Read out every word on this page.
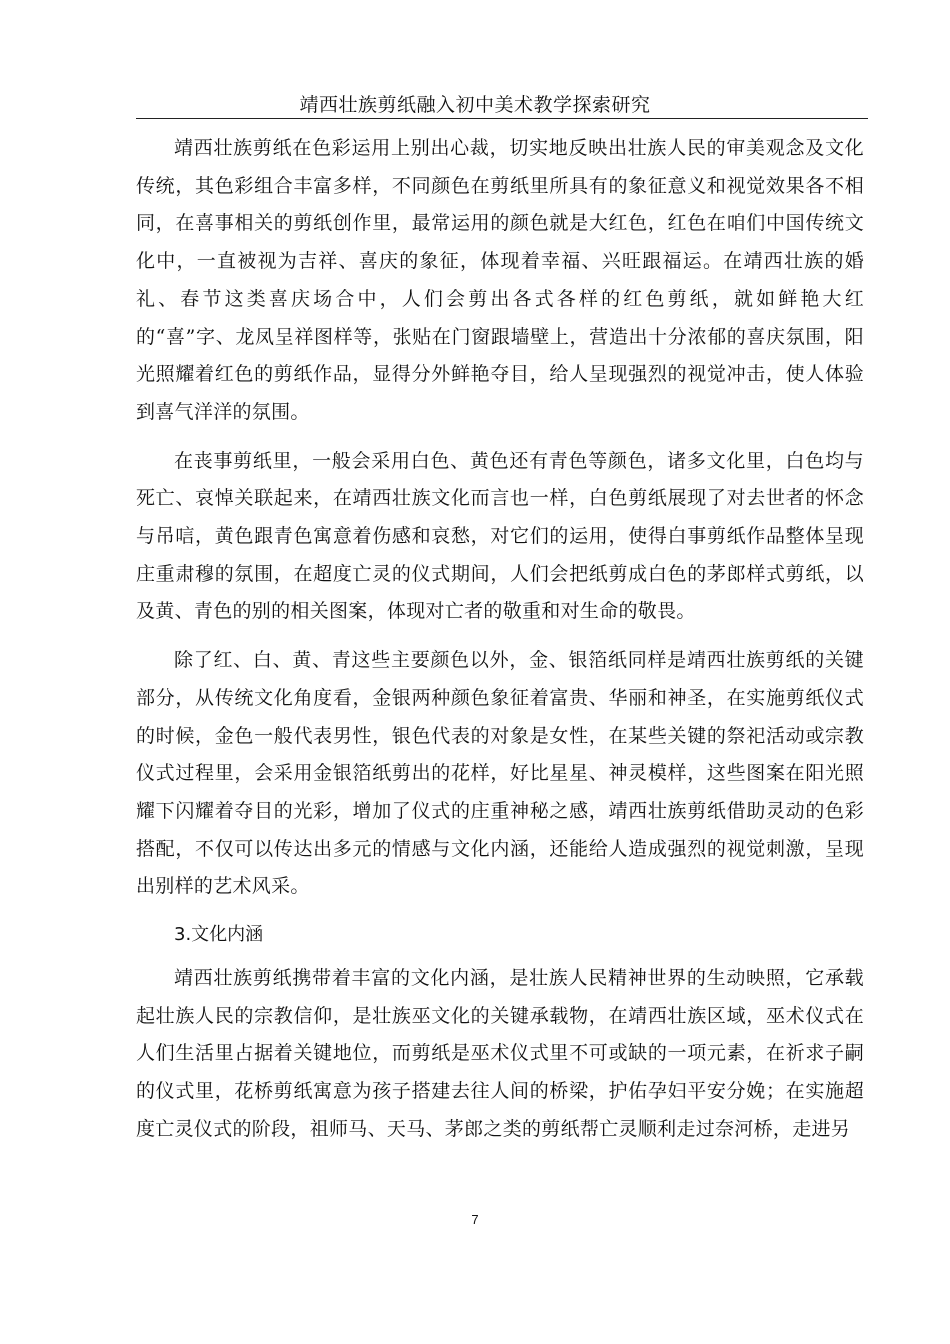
靖西壮族剪纸融入初中美术教学探索研究

靖西壮族剪纸在色彩运用上别出心裁，切实地反映出壮族人民的审美观念及文化传统，其色彩组合丰富多样，不同颜色在剪纸里所具有的象征意义和视觉效果各不相同，在喜事相关的剪纸创作里，最常运用的颜色就是大红色，红色在咱们中国传统文化中，一直被视为吉祥、喜庆的象征，体现着幸福、兴旺跟福运。在靖西壮族的婚礼、春节这类喜庆场合中，人们会剪出各式各样的红色剪纸，就如鲜艳大红的“喜”字、龙凤呈祥图样等，张贴在门窗跟墙壁上，营造出十分浓郁的喜庆氛围，阳光照耀着红色的剪纸作品，显得分外鲜艳夺目，给人呈现强烈的视觉冲击，使人体验到喜气洋洋的氛围。

在丧事剪纸里，一般会采用白色、黄色还有青色等颜色，诸多文化里，白色均与死亡、哀悼关联起来，在靖西壮族文化而言也一样，白色剪纸展现了对去世者的怀念与吊唁，黄色跟青色寓意着伤感和哀愁，对它们的运用，使得白事剪纸作品整体呈现庄重肃穆的氛围，在超度亡灵的仪式期间，人们会把纸剪成白色的茅郎样式剪纸，以及黄、青色的别的相关图案，体现对亡者的敬重和对生命的敬畏。

除了红、白、黄、青这些主要颜色以外，金、银箔纸同样是靖西壮族剪纸的关键部分，从传统文化角度看，金银两种颜色象征着富贵、华丽和神圣，在实施剪纸仪式的时候，金色一般代表男性，银色代表的对象是女性，在某些关键的祭祀活动或宗教仪式过程里，会采用金银箔纸剪出的花样，好比星星、神灵模样，这些图案在阳光照耀下闪耀着夺目的光彩，增加了仪式的庄重神秘之感，靖西壮族剪纸借助灵动的色彩搭配，不仅可以传达出多元的情感与文化内涵，还能给人造成强烈的视觉刺激，呈现出别样的艺术风采。

3.文化内涵

靖西壮族剪纸携带着丰富的文化内涵，是壮族人民精神世界的生动映照，它承载起壮族人民的宗教信仰，是壮族巫文化的关键承载物，在靖西壮族区域，巫术仪式在人们生活里占据着关键地位，而剪纸是巫术仪式里不可或缺的一项元素，在祈求子嗣的仪式里，花桥剪纸寓意为孩子搭建去往人间的桥梁，护佑孕妇平安分娩；在实施超度亡灵仪式的阶段，祖师马、天马、茅郎之类的剪纸帮亡灵顺利走过奈河桥，走进另

7
